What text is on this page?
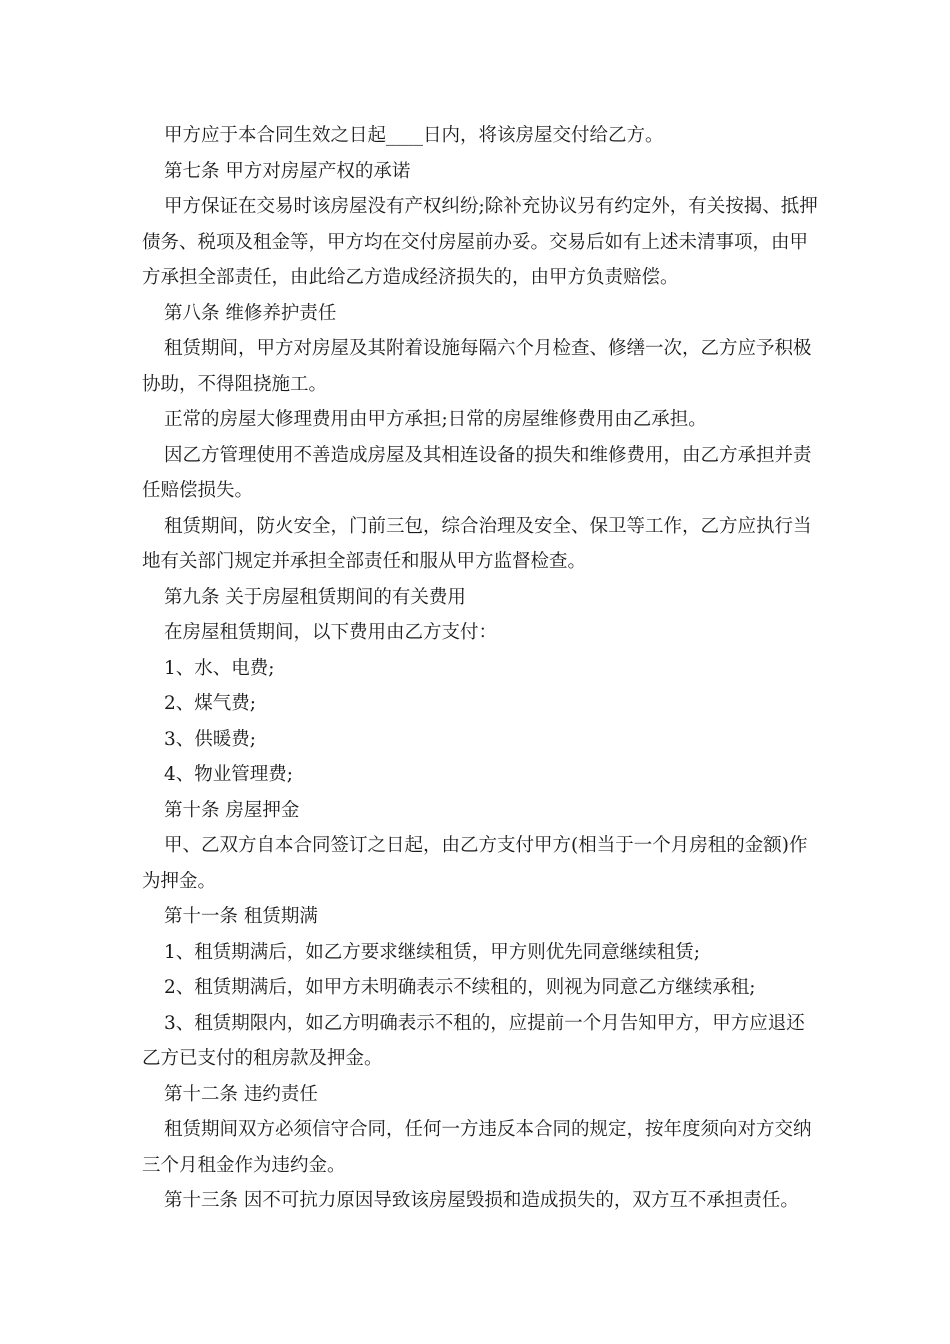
甲方应于本合同生效之日起____日内，将该房屋交付给乙方。

第七条 甲方对房屋产权的承诺

甲方保证在交易时该房屋没有产权纠纷;除补充协议另有约定外，有关按揭、抵押债务、税项及租金等，甲方均在交付房屋前办妥。交易后如有上述未清事项，由甲方承担全部责任，由此给乙方造成经济损失的，由甲方负责赔偿。

第八条 维修养护责任

租赁期间，甲方对房屋及其附着设施每隔六个月检查、修缮一次，乙方应予积极协助，不得阻挠施工。

正常的房屋大修理费用由甲方承担;日常的房屋维修费用由乙承担。

因乙方管理使用不善造成房屋及其相连设备的损失和维修费用，由乙方承担并责任赔偿损失。

租赁期间，防火安全，门前三包，综合治理及安全、保卫等工作，乙方应执行当地有关部门规定并承担全部责任和服从甲方监督检查。

第九条 关于房屋租赁期间的有关费用

在房屋租赁期间，以下费用由乙方支付：

1、水、电费;

2、煤气费;

3、供暖费;

4、物业管理费;

第十条 房屋押金

甲、乙双方自本合同签订之日起，由乙方支付甲方(相当于一个月房租的金额)作为押金。

第十一条 租赁期满

1、租赁期满后，如乙方要求继续租赁，甲方则优先同意继续租赁;

2、租赁期满后，如甲方未明确表示不续租的，则视为同意乙方继续承租;

3、租赁期限内，如乙方明确表示不租的，应提前一个月告知甲方，甲方应退还乙方已支付的租房款及押金。

第十二条 违约责任

租赁期间双方必须信守合同，任何一方违反本合同的规定，按年度须向对方交纳三个月租金作为违约金。

第十三条 因不可抗力原因导致该房屋毁损和造成损失的，双方互不承担责任。
